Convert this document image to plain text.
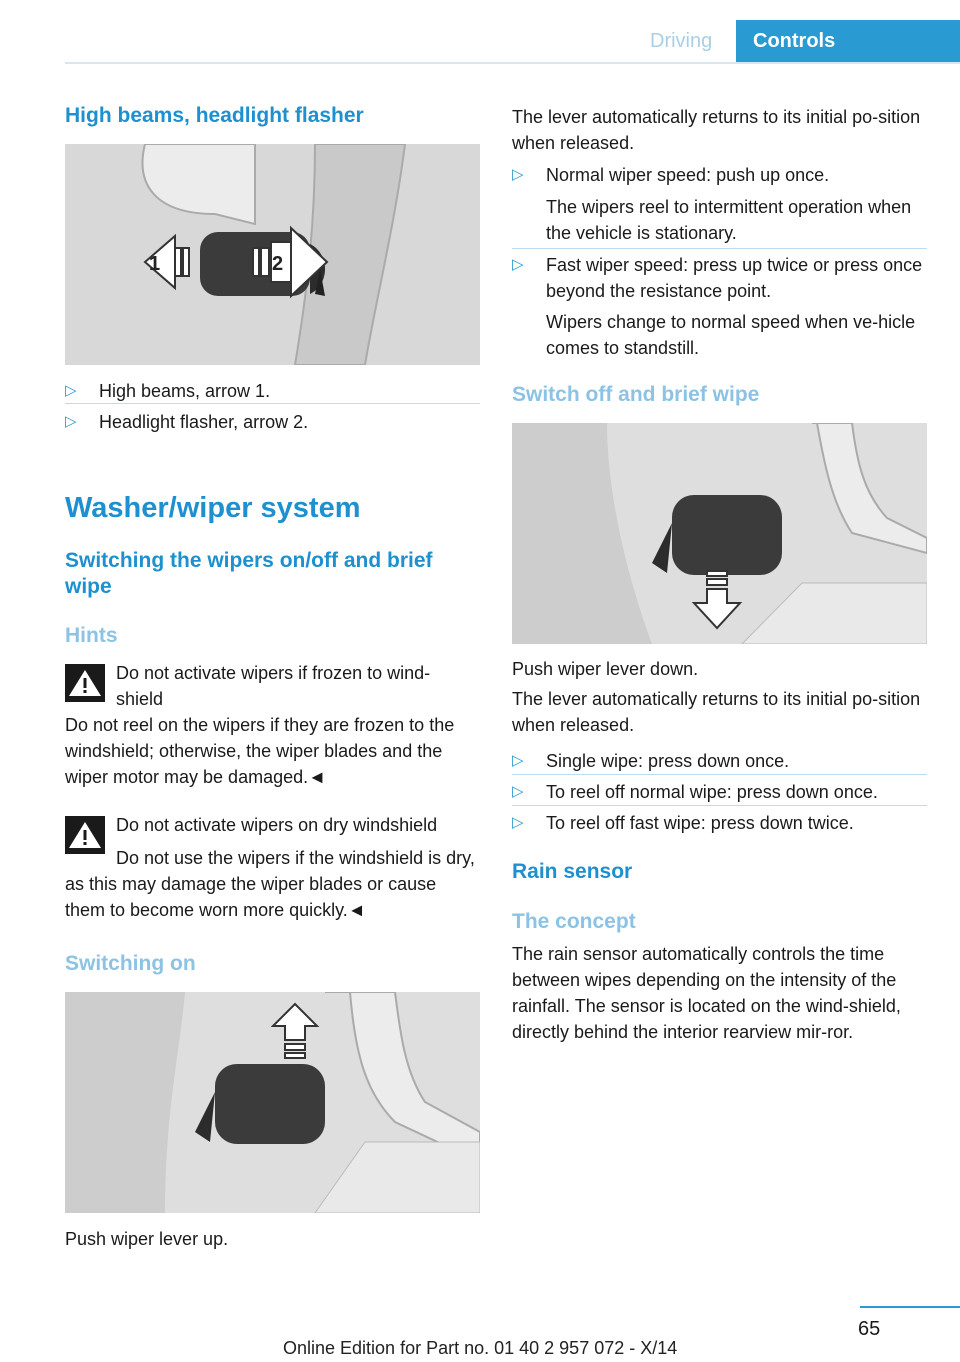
Driving Controls
High beams, headlight flasher
1	2
▷ High beams, arrow 1.
▷ Headlight flasher, arrow 2.
Washer/wiper system
Switching the wipers on/off and brief wipe
Hints
Do not activate wipers if frozen to wind-shield
Do not reel on the wipers if they are frozen to the windshield; otherwise, the wiper blades and the wiper motor may be damaged.◄
Do not activate wipers on dry windshield
Do not use the wipers if the windshield is dry, as this may damage the wiper blades or cause them to become worn more quickly.◄
Switching on
Push wiper lever up.
The lever automatically returns to its initial po-sition when released.
▷ Normal wiper speed: push up once.
The wipers reel to intermittent operation when the vehicle is stationary.
▷ Fast wiper speed: press up twice or press once beyond the resistance point.
Wipers change to normal speed when ve-hicle comes to standstill.
Switch off and brief wipe
Push wiper lever down.
The lever automatically returns to its initial po-sition when released.
▷ Single wipe: press down once.
▷ To reel off normal wipe: press down once.
▷ To reel off fast wipe: press down twice.
Rain sensor
The concept
The rain sensor automatically controls the time between wipes depending on the intensity of the rainfall. The sensor is located on the wind-shield, directly behind the interior rearview mir-ror.
65
Online Edition for Part no. 01 40 2 957 072 - X/14
